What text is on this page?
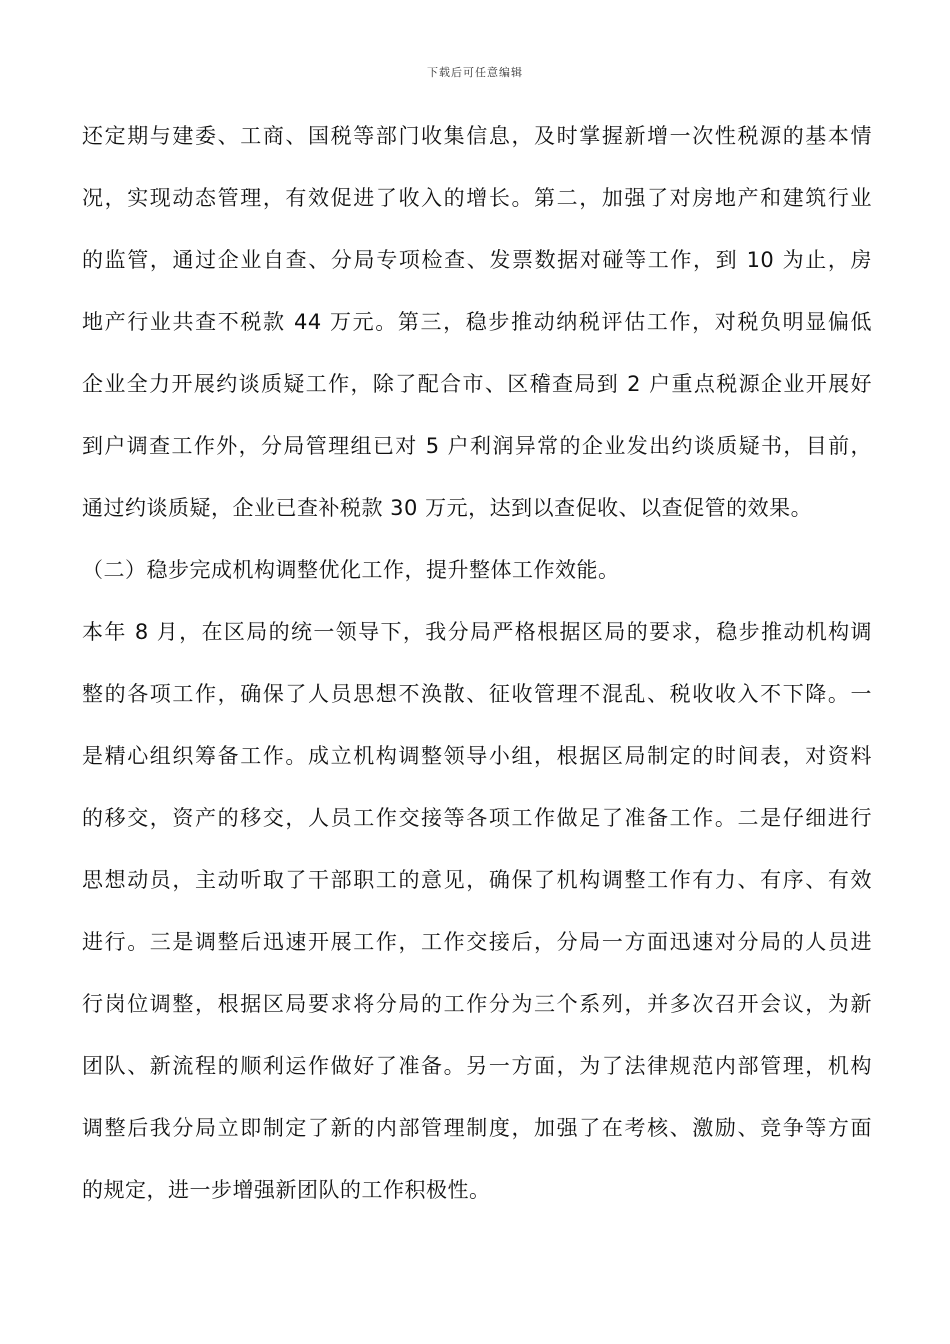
下载后可任意编辑
还定期与建委、工商、国税等部门收集信息，及时掌握新增一次性税源的基本情
况，实现动态管理，有效促进了收入的增长。第二，加强了对房地产和建筑行业
的监管，通过企业自查、分局专项检查、发票数据对碰等工作，到 10 为止，房
地产行业共查不税款 44 万元。第三，稳步推动纳税评估工作，对税负明显偏低
企业全力开展约谈质疑工作，除了配合市、区稽查局到 2 户重点税源企业开展好
到户调查工作外，分局管理组已对 5 户利润异常的企业发出约谈质疑书，目前，
通过约谈质疑，企业已查补税款 30 万元，达到以查促收、以查促管的效果。
（二）稳步完成机构调整优化工作，提升整体工作效能。
本年 8 月，在区局的统一领导下，我分局严格根据区局的要求，稳步推动机构调
整的各项工作，确保了人员思想不涣散、征收管理不混乱、税收收入不下降。一
是精心组织筹备工作。成立机构调整领导小组，根据区局制定的时间表，对资料
的移交，资产的移交，人员工作交接等各项工作做足了准备工作。二是仔细进行
思想动员，主动听取了干部职工的意见，确保了机构调整工作有力、有序、有效
进行。三是调整后迅速开展工作，工作交接后，分局一方面迅速对分局的人员进
行岗位调整，根据区局要求将分局的工作分为三个系列，并多次召开会议，为新
团队、新流程的顺利运作做好了准备。另一方面，为了法律规范内部管理，机构
调整后我分局立即制定了新的内部管理制度，加强了在考核、激励、竞争等方面
的规定，进一步增强新团队的工作积极性。
